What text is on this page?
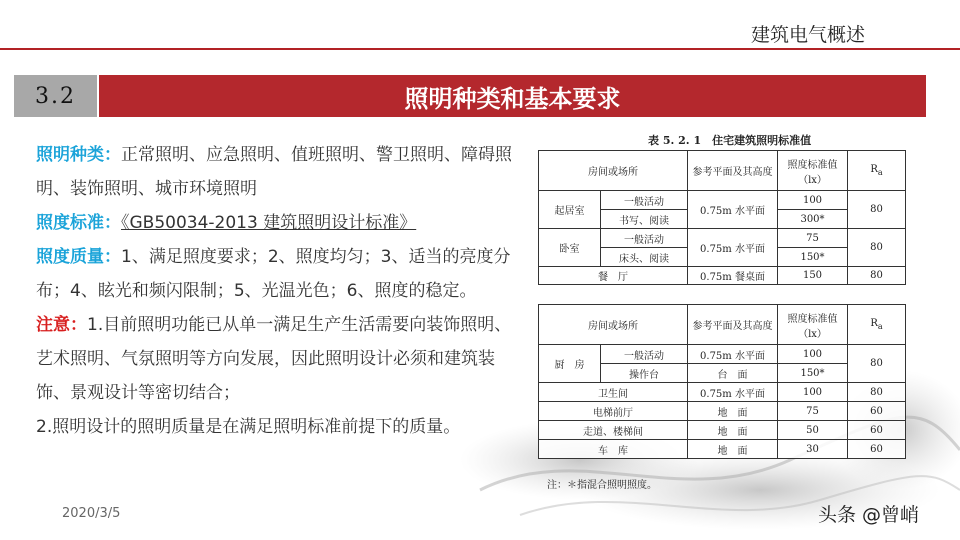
建筑电气概述
3.2	照明种类和基本要求

照明种类：正常照明、应急照明、值班照明、警卫照明、障碍照明、装饰照明、城市环境照明

照度标准：《GB50034-2013 建筑照明设计标准》

照度质量：1、满足照度要求；2、照度均匀；3、适当的亮度分布；4、眩光和频闪限制；5、光温光色；6、照度的稳定。

注意：1.目前照明功能已从单一满足生产生活需要向装饰照明、艺术照明、气氛照明等方向发展，因此照明设计必须和建筑装饰、景观设计等密切结合；

2.照明设计的照明质量是在满足照明标准前提下的质量。

表 5. 2. 1　住宅建筑照明标准值
房间或场所		参考平面及其高度	照度标准值（lx）	$R_a$
起居室	一般活动	0.75m 水平面	100	80
	书写、阅读		300*	
卧室	一般活动	0.75m 水平面	75	80
	床头、阅读		150*	
餐　厅		0.75m 餐桌面	150	80
房间或场所		参考平面及其高度	照度标准值（lx）	$R_a$
厨　房	一般活动	0.75m 水平面	100	80
	操作台	台　面	150*	
卫生间		0.75m 水平面	100	80
电梯前厅		地　面	75	60
走道、楼梯间		地　面	50	60
车　库		地　面	30	60
注：＊指混合照明照度。
2020/3/5	头条 @曾峭
